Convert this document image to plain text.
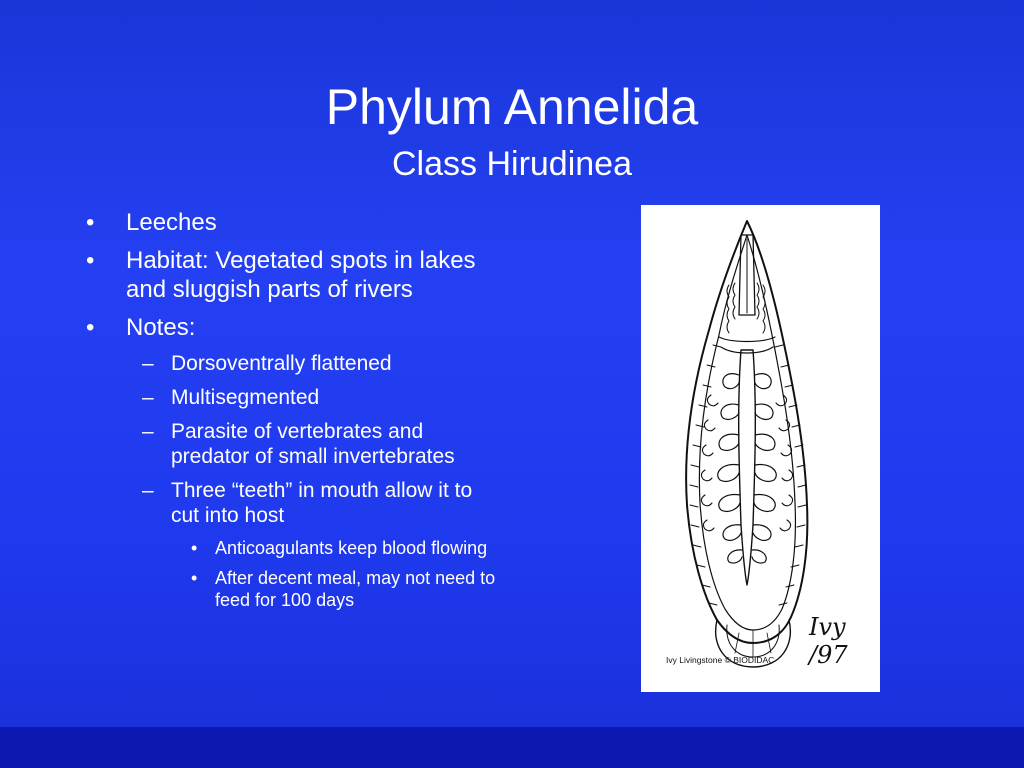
Phylum Annelida
Class Hirudinea
• Leeches
• Habitat: Vegetated spots in lakes and sluggish parts of rivers
• Notes:
– Dorsoventrally flattened
– Multisegmented
– Parasite of vertebrates and predator of small invertebrates
– Three “teeth” in mouth allow it to cut into host
• Anticoagulants keep blood flowing
• After decent meal, may not need to feed for 100 days
Ivy /97
Ivy Livingstone © BIODIDAC
